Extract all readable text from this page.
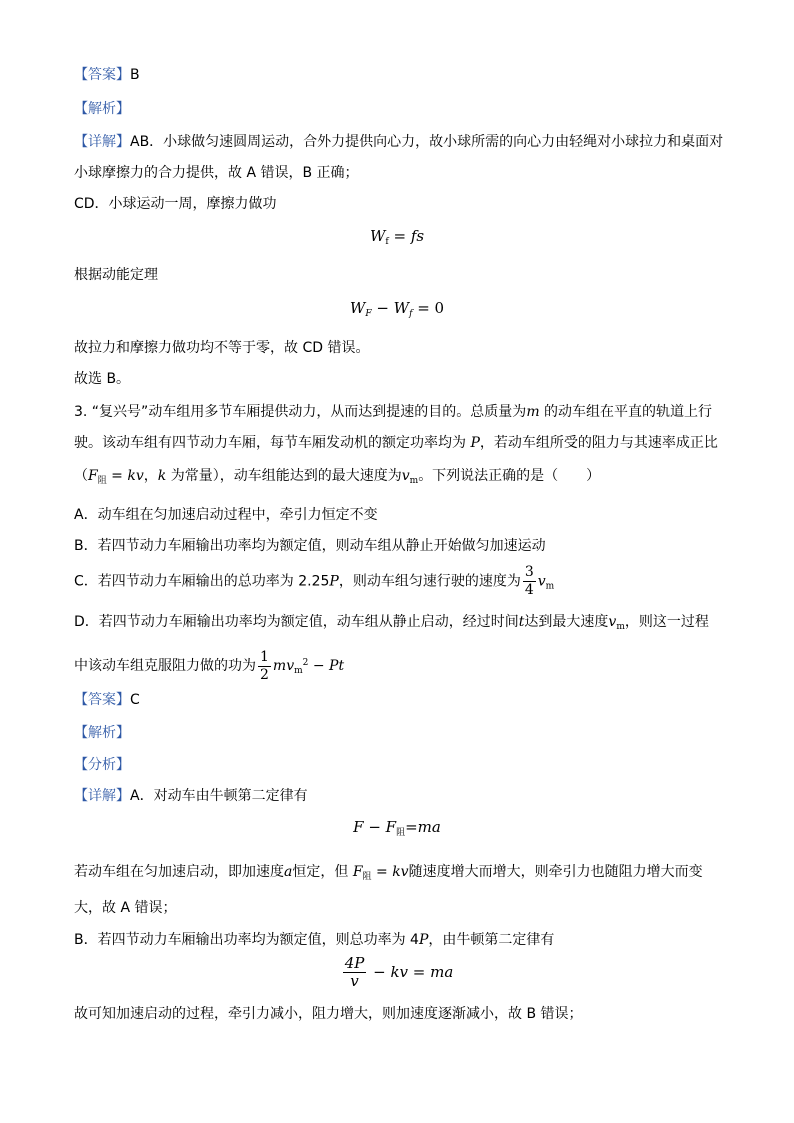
【答案】B
【解析】
【详解】AB．小球做匀速圆周运动，合外力提供向心力，故小球所需的向心力由轻绳对小球拉力和桌面对
小球摩擦力的合力提供，故 A 错误，B 正确；
CD．小球运动一周，摩擦力做功
$W_f$ = fs
根据动能定理
$W_F - W_f = 0$
故拉力和摩擦力做功均不等于零，故 CD 错误。
故选 B。
3. “复兴号”动车组用多节车厢提供动力，从而达到提速的目的。总质量为m 的动车组在平直的轨道上行
驶。该动车组有四节动力车厢，每节车厢发动机的额定功率均为 P，若动车组所受的阻力与其速率成正比
（$F_阻$ = kv，k 为常量），动车组能达到的最大速度为$v_m$。下列说法正确的是（　　）
A．动车组在匀加速启动过程中，牵引力恒定不变
B．若四节动力车厢输出功率均为额定值，则动车组从静止开始做匀加速运动
C．若四节动力车厢输出的总功率为 2.25P，则动车组匀速行驶的速度为 $\frac{3}{4} v_m$
D．若四节动力车厢输出功率均为额定值，动车组从静止启动，经过时间t达到最大速度$v_m$，则这一过程
中该动车组克服阻力做的功为 $\frac{1}{2} mv_m^2 - Pt$
【答案】C
【解析】
【分析】
【详解】A．对动车由牛顿第二定律有
$F - F_阻=ma$
若动车组在匀加速启动，即加速度a恒定，但 $F_阻$ = kv随速度增大而增大，则牵引力也随阻力增大而变
大，故 A 错误；
B．若四节动力车厢输出功率均为额定值，则总功率为 4P，由牛顿第二定律有
$\frac{4P}{v}$ − kv = ma
故可知加速启动的过程，牵引力减小，阻力增大，则加速度逐渐减小，故 B 错误；
